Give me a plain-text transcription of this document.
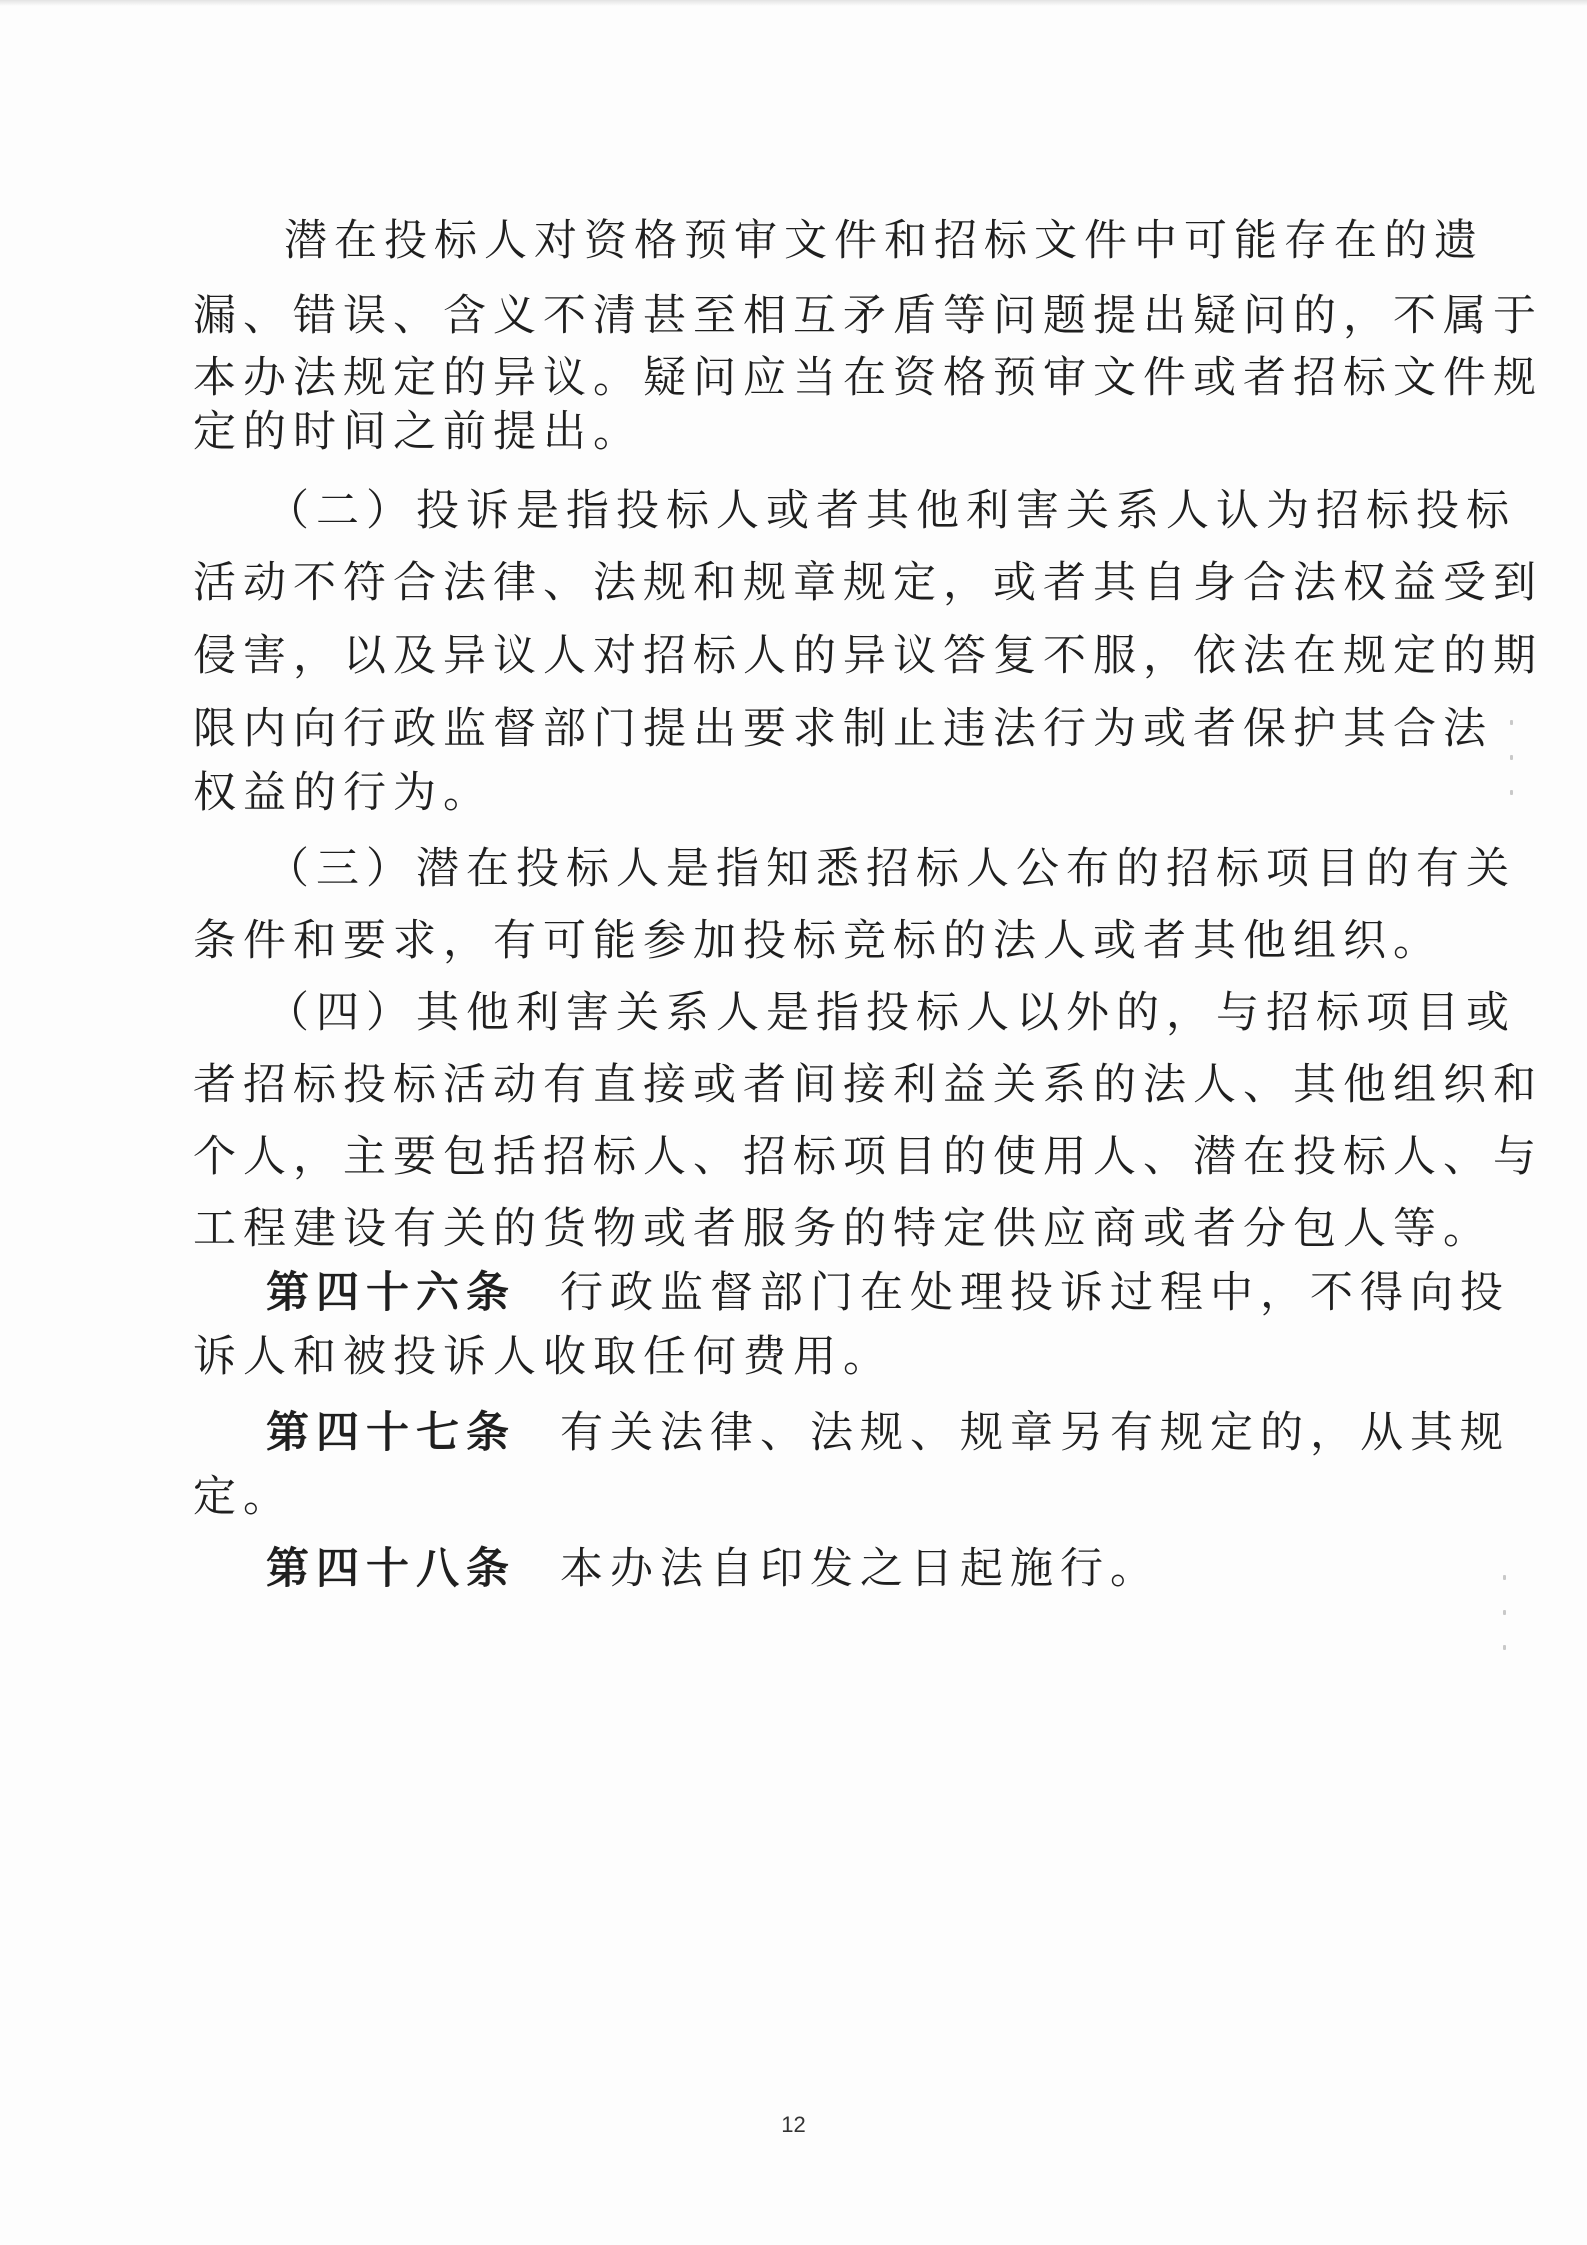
潜在投标人对资格预审文件和招标文件中可能存在的遗
漏、错误、含义不清甚至相互矛盾等问题提出疑问的，不属于
本办法规定的异议。疑问应当在资格预审文件或者招标文件规
定的时间之前提出。
（二）投诉是指投标人或者其他利害关系人认为招标投标
活动不符合法律、法规和规章规定，或者其自身合法权益受到
侵害，以及异议人对招标人的异议答复不服，依法在规定的期
限内向行政监督部门提出要求制止违法行为或者保护其合法
权益的行为。
（三）潜在投标人是指知悉招标人公布的招标项目的有关
条件和要求，有可能参加投标竞标的法人或者其他组织。
（四）其他利害关系人是指投标人以外的，与招标项目或
者招标投标活动有直接或者间接利益关系的法人、其他组织和
个人，主要包括招标人、招标项目的使用人、潜在投标人、与
工程建设有关的货物或者服务的特定供应商或者分包人等。
第四十六条 行政监督部门在处理投诉过程中，不得向投
诉人和被投诉人收取任何费用。
第四十七条 有关法律、法规、规章另有规定的，从其规
定。
第四十八条 本办法自印发之日起施行。
12
